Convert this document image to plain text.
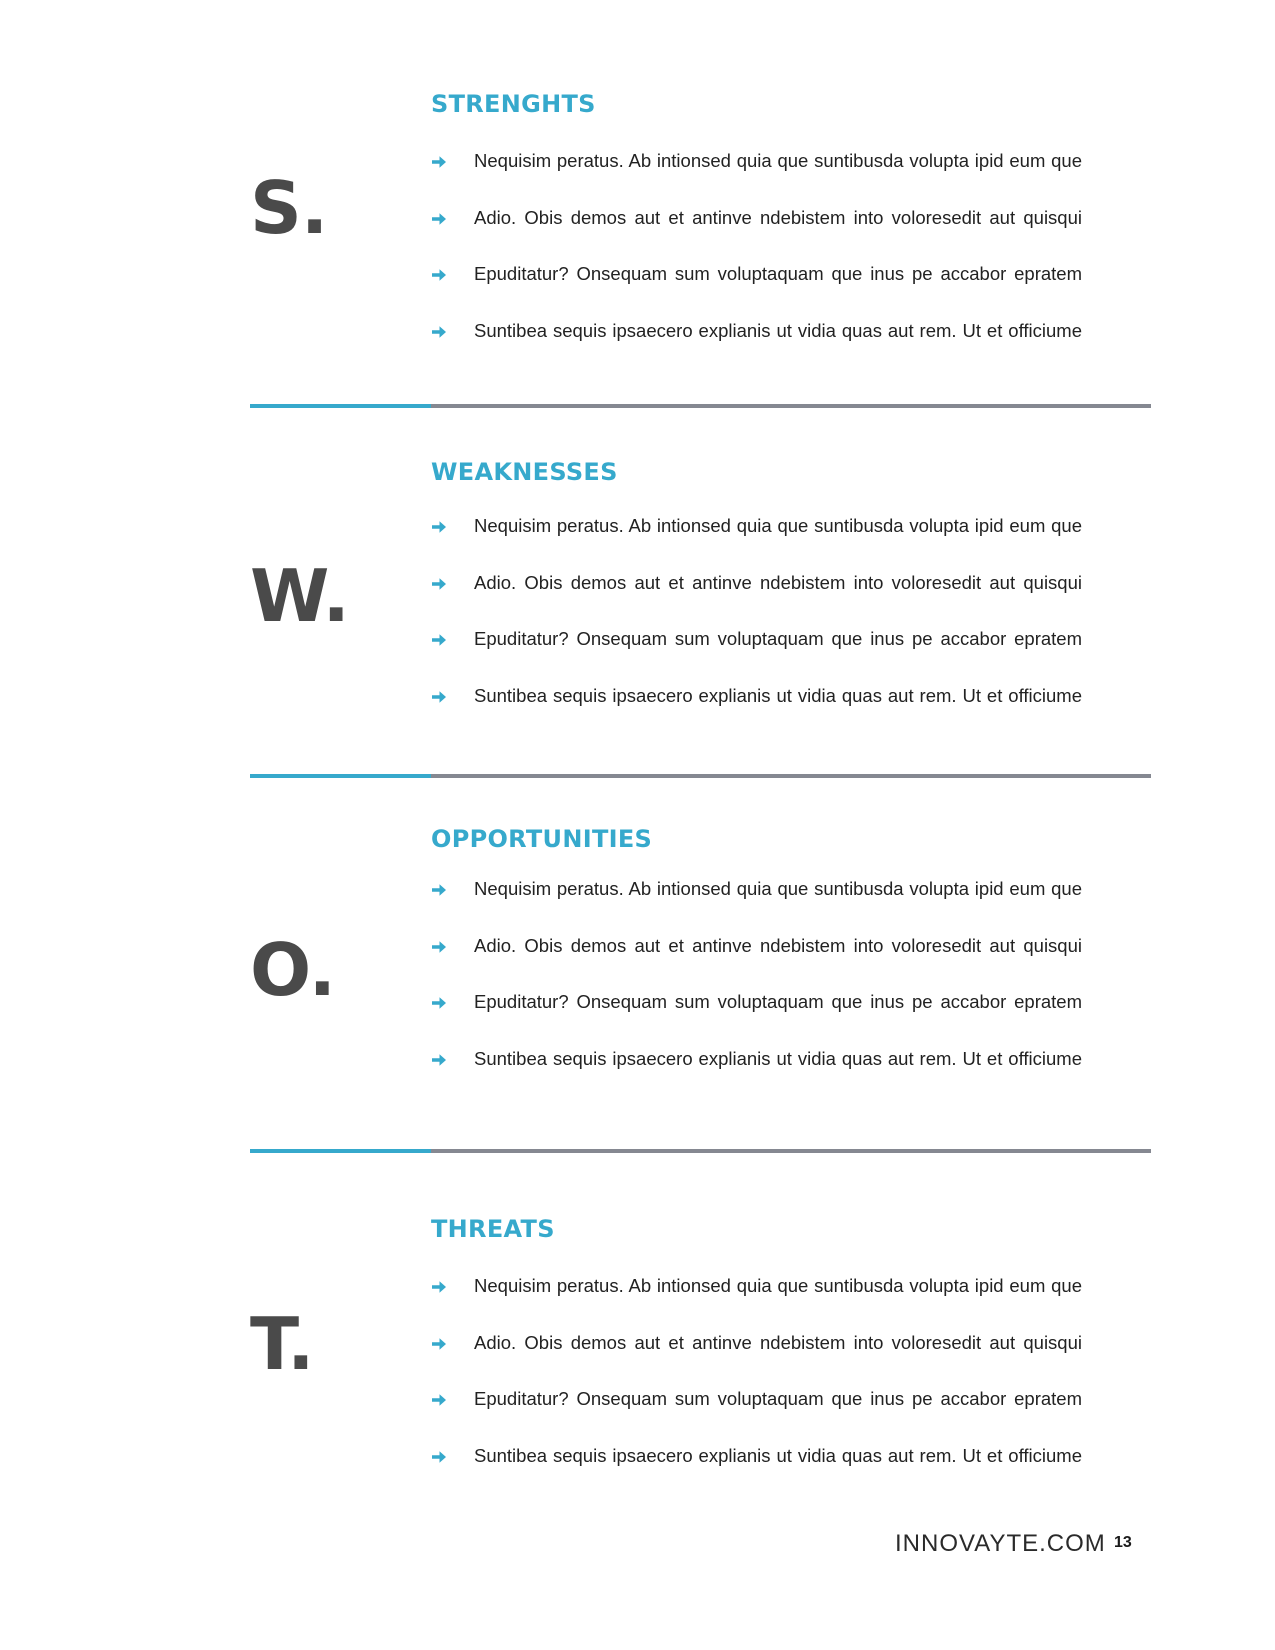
S.
STRENGHTS
Nequisim peratus. Ab intionsed quia que suntibusda volupta ipid eum que
Adio. Obis demos aut et antinve ndebistem into voloresedit aut quisqui
Epuditatur? Onsequam sum voluptaquam que inus pe accabor epratem
Suntibea sequis ipsaecero explianis ut vidia quas aut rem. Ut et officiume
W.
WEAKNESSES
Nequisim peratus. Ab intionsed quia que suntibusda volupta ipid eum que
Adio. Obis demos aut et antinve ndebistem into voloresedit aut quisqui
Epuditatur? Onsequam sum voluptaquam que inus pe accabor epratem
Suntibea sequis ipsaecero explianis ut vidia quas aut rem. Ut et officiume
O.
OPPORTUNITIES
Nequisim peratus. Ab intionsed quia que suntibusda volupta ipid eum que
Adio. Obis demos aut et antinve ndebistem into voloresedit aut quisqui
Epuditatur? Onsequam sum voluptaquam que inus pe accabor epratem
Suntibea sequis ipsaecero explianis ut vidia quas aut rem. Ut et officiume
T.
THREATS
Nequisim peratus. Ab intionsed quia que suntibusda volupta ipid eum que
Adio. Obis demos aut et antinve ndebistem into voloresedit aut quisqui
Epuditatur? Onsequam sum voluptaquam que inus pe accabor epratem
Suntibea sequis ipsaecero explianis ut vidia quas aut rem. Ut et officiume
INNOVAYTE.COM 13
